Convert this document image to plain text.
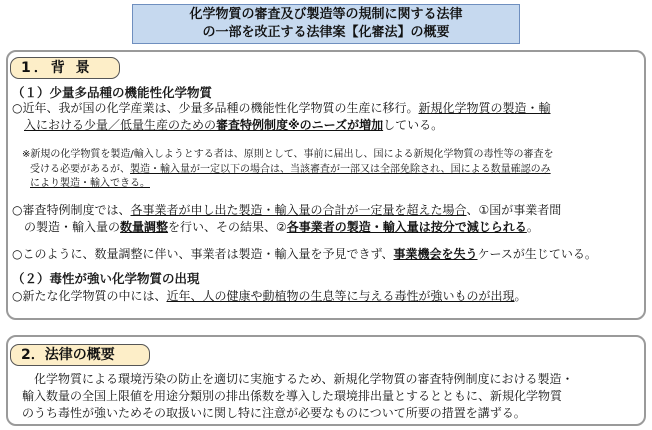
化学物質の審査及び製造等の規制に関する法律
の一部を改正する法律案【化審法】の概要
1．背 景
（１）少量多品種の機能性化学物質
○近年、我が国の化学産業は、少量多品種の機能性化学物質の生産に移行。新規化学物質の製造・輸
入における少量／低量生産のための審査特例制度※のニーズが増加している。
※新規の化学物質を製造/輸入しようとする者は、原則として、事前に届出し、国による新規化学物質の毒性等の審査を
受ける必要があるが、製造・輸入量が一定以下の場合は、当該審査が一部又は全部免除され、国による数量確認のみ
により製造・輸入できる。
○審査特例制度では、各事業者が申し出た製造・輸入量の合計が一定量を超えた場合、①国が事業者間
の製造・輸入量の数量調整を行い、その結果、②各事業者の製造・輸入量は按分で減じられる。
○このように、数量調整に伴い、事業者は製造・輸入量を予見できず、事業機会を失うケースが生じている。
（２）毒性が強い化学物質の出現
○新たな化学物質の中には、近年、人の健康や動植物の生息等に与える毒性が強いものが出現。
2．法律の概要
化学物質による環境汚染の防止を適切に実施するため、新規化学物質の審査特例制度における製造・
輸入数量の全国上限値を用途分類別の排出係数を導入した環境排出量とするとともに、新規化学物質
のうち毒性が強いためその取扱いに関し特に注意が必要なものについて所要の措置を講ずる。
